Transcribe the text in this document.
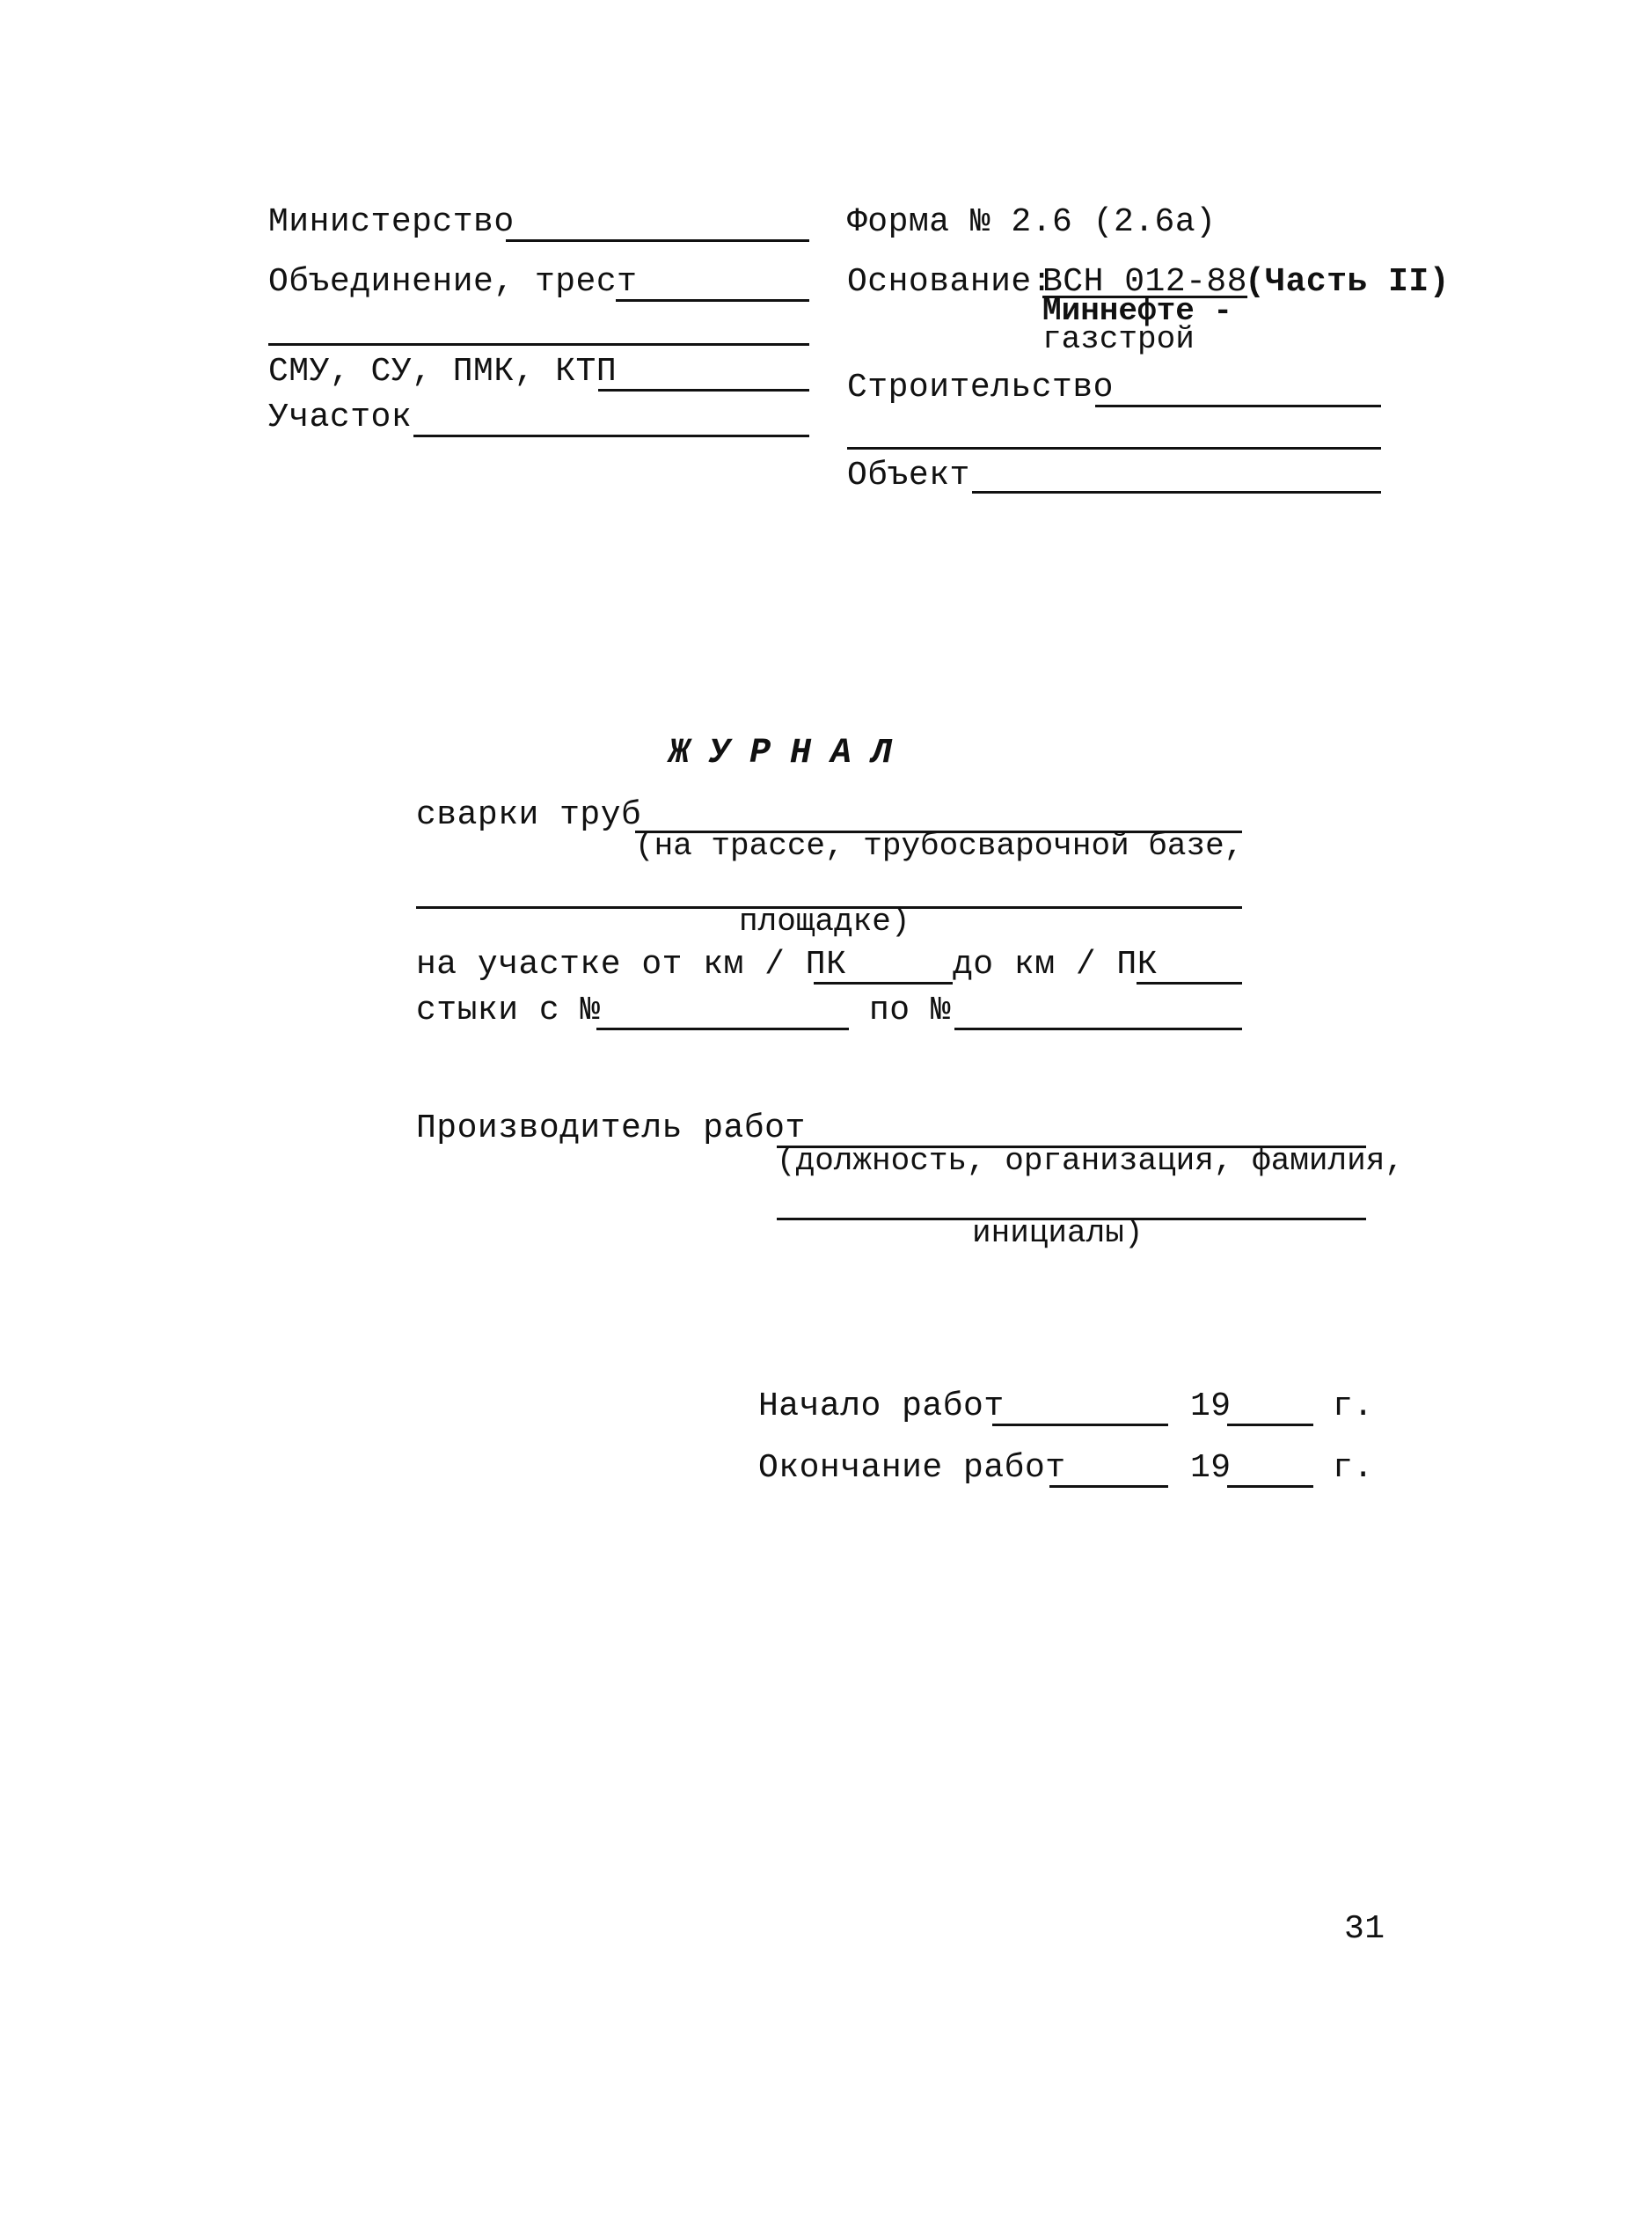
Министерство
Объединение, трест
СМУ, СУ, ПМК, КТП
Участок
Форма № 2.6 (2.6а)
Основание:
ВСН 012-88
(Часть II)
Миннефте -
газстрой
Строительство
Объект
ЖУРНАЛ
сварки труб
(на трассе, трубосварочной базе,
площадке)
на участке от км / ПК	до км / ПК
стыки с №	по №
Производитель работ
(должность, организация, фамилия,
инициалы)
Начало работ	19	г.
Окончание работ	19	г.
31
